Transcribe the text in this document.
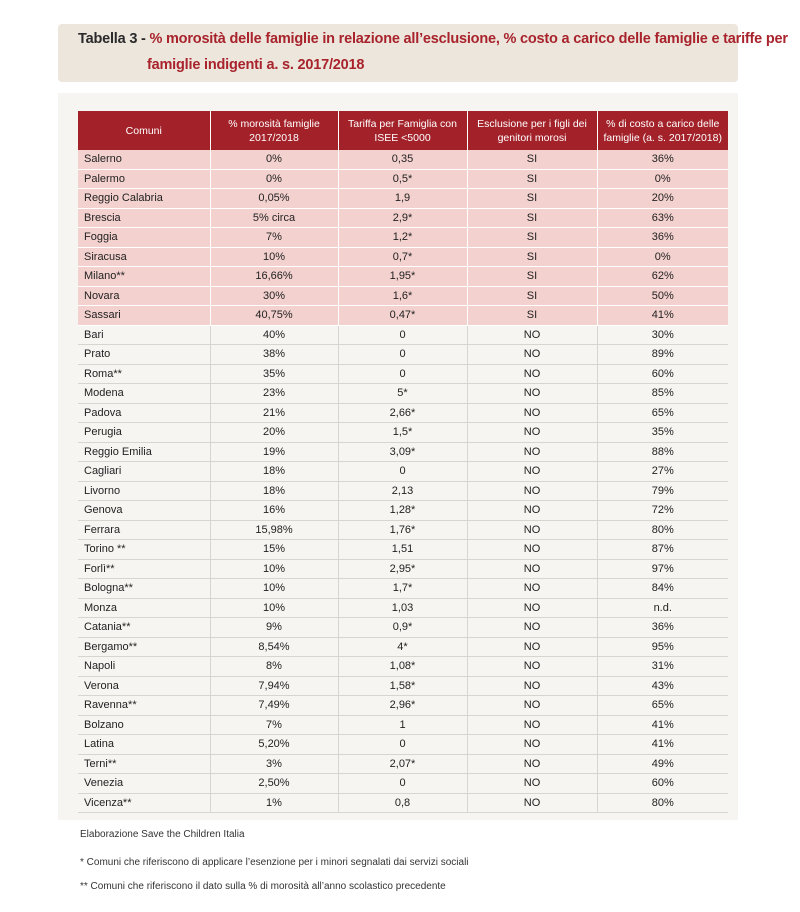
Tabella 3 - % morosità delle famiglie in relazione all’esclusione, % costo a carico delle famiglie e tariffe per
famiglie indigenti a. s. 2017/2018
Comuni	% morosità famiglie 2017/2018	Tariffa per Famiglia con ISEE <5000	Esclusione per i figli dei genitori morosi	% di costo a carico delle famiglie (a. s. 2017/2018)
Salerno	0%	0,35	SI	36%
Palermo	0%	0,5*	SI	0%
Reggio Calabria	0,05%	1,9	SI	20%
Brescia	5% circa	2,9*	SI	63%
Foggia	7%	1,2*	SI	36%
Siracusa	10%	0,7*	SI	0%
Milano**	16,66%	1,95*	SI	62%
Novara	30%	1,6*	SI	50%
Sassari	40,75%	0,47*	SI	41%
Bari	40%	0	NO	30%
Prato	38%	0	NO	89%
Roma**	35%	0	NO	60%
Modena	23%	5*	NO	85%
Padova	21%	2,66*	NO	65%
Perugia	20%	1,5*	NO	35%
Reggio Emilia	19%	3,09*	NO	88%
Cagliari	18%	0	NO	27%
Livorno	18%	2,13	NO	79%
Genova	16%	1,28*	NO	72%
Ferrara	15,98%	1,76*	NO	80%
Torino **	15%	1,51	NO	87%
Forlì**	10%	2,95*	NO	97%
Bologna**	10%	1,7*	NO	84%
Monza	10%	1,03	NO	n.d.
Catania**	9%	0,9*	NO	36%
Bergamo**	8,54%	4*	NO	95%
Napoli	8%	1,08*	NO	31%
Verona	7,94%	1,58*	NO	43%
Ravenna**	7,49%	2,96*	NO	65%
Bolzano	7%	1	NO	41%
Latina	5,20%	0	NO	41%
Terni**	3%	2,07*	NO	49%
Venezia	2,50%	0	NO	60%
Vicenza**	1%	0,8	NO	80%
Elaborazione Save the Children Italia
* Comuni che riferiscono di applicare l’esenzione per i minori segnalati dai servizi sociali
** Comuni che riferiscono il dato sulla % di morosità all’anno scolastico precedente
